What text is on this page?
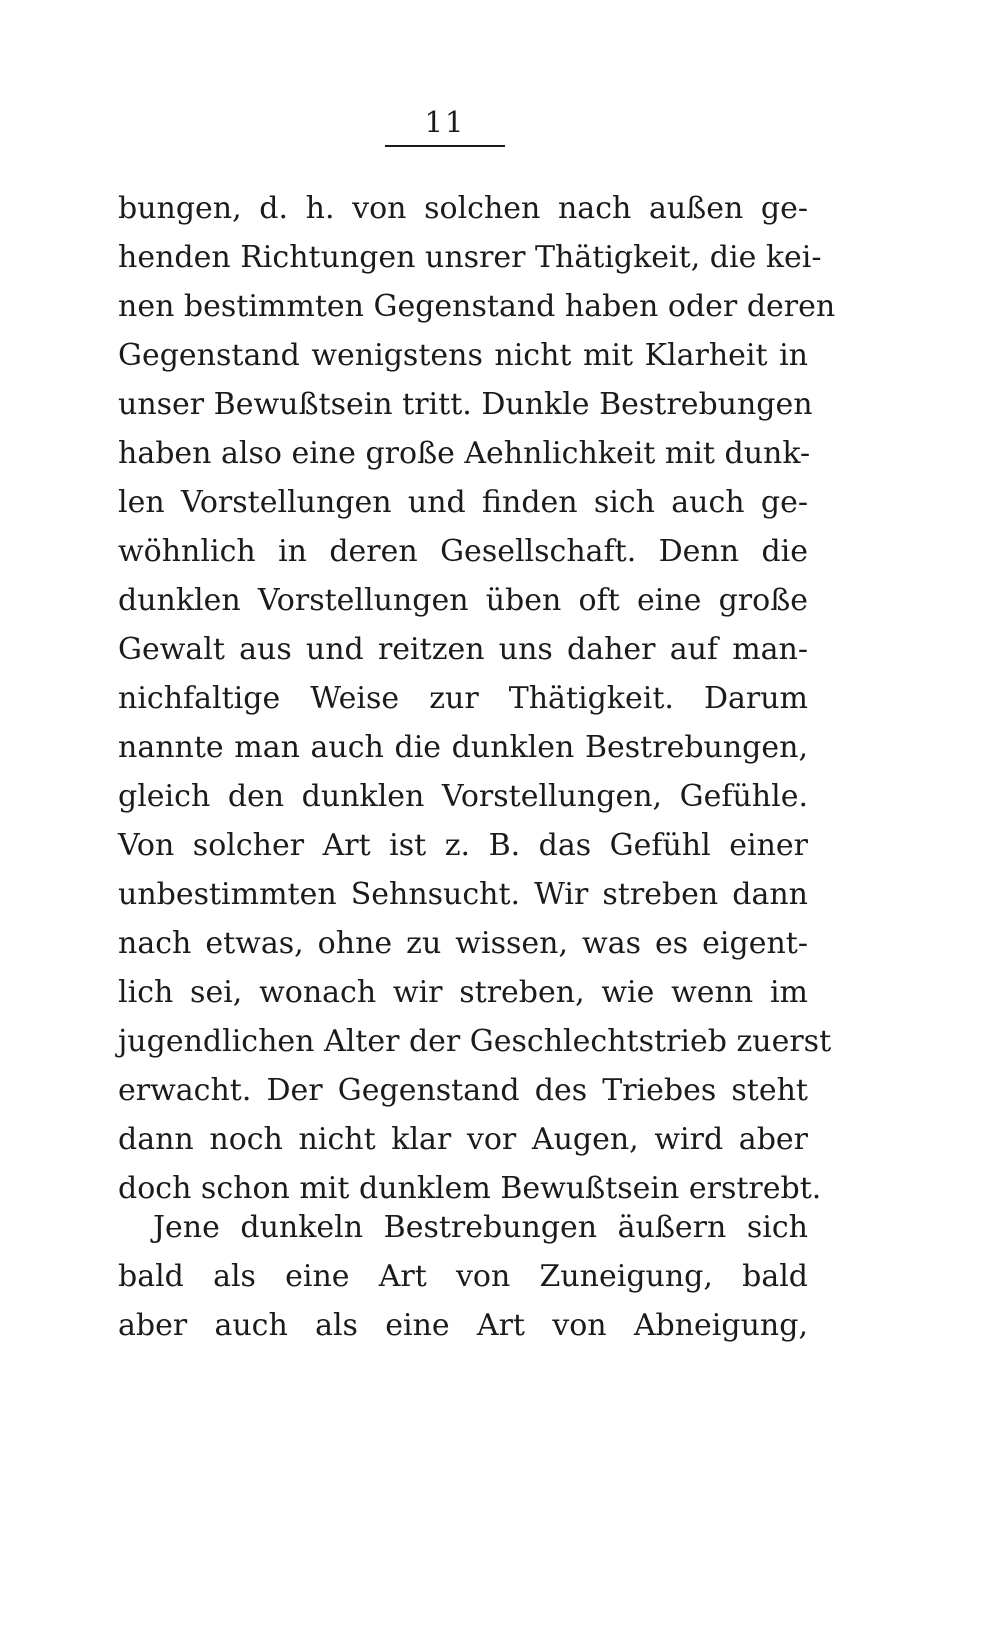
11
bungen, d. h. von solchen nach außen ge-
henden Richtungen unsrer Thätigkeit, die kei-
nen bestimmten Gegenstand haben oder deren
Gegenstand wenigstens nicht mit Klarheit in
unser Bewußtsein tritt. Dunkle Bestrebungen
haben also eine große Aehnlichkeit mit dunk-
len Vorstellungen und finden sich auch ge-
wöhnlich in deren Gesellschaft. Denn die
dunklen Vorstellungen üben oft eine große
Gewalt aus und reitzen uns daher auf man-
nichfaltige Weise zur Thätigkeit. Darum
nannte man auch die dunklen Bestrebungen,
gleich den dunklen Vorstellungen, Gefühle.
Von solcher Art ist z. B. das Gefühl einer
unbestimmten Sehnsucht. Wir streben dann
nach etwas, ohne zu wissen, was es eigent-
lich sei, wonach wir streben, wie wenn im
jugendlichen Alter der Geschlechtstrieb zuerst
erwacht. Der Gegenstand des Triebes steht
dann noch nicht klar vor Augen, wird aber
doch schon mit dunklem Bewußtsein erstrebt.
Jene dunkeln Bestrebungen äußern sich
bald als eine Art von Zuneigung, bald
aber auch als eine Art von Abneigung,
